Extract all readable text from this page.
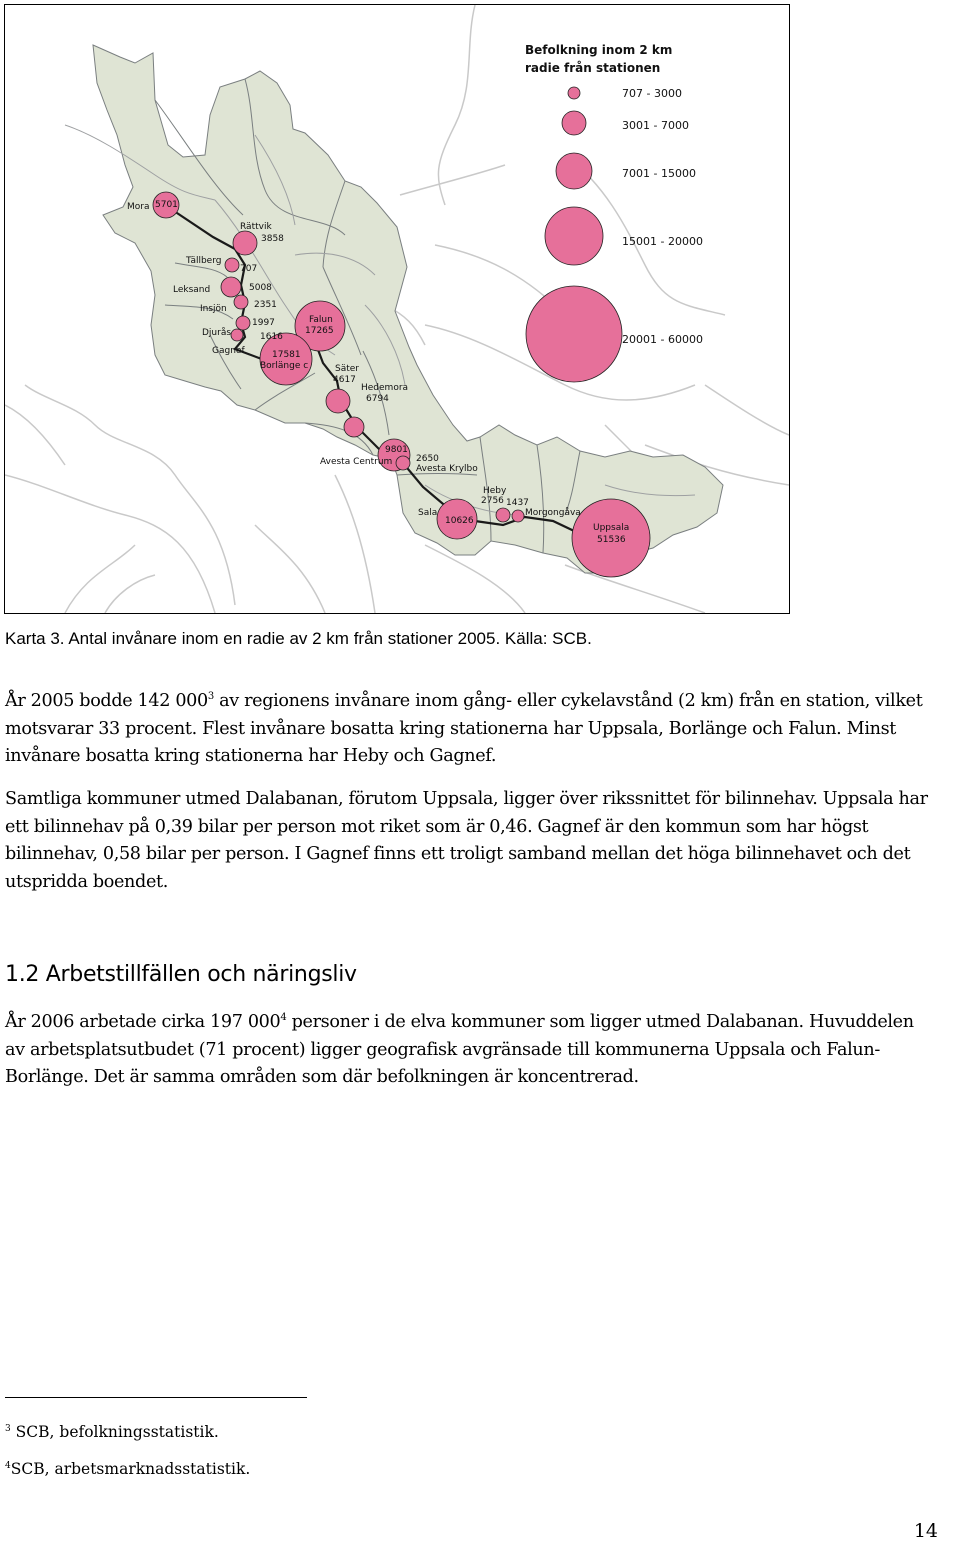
Mora 5701
Rättvik
3858
Tällberg
707
Leksand	5008
Insjön	2351
Djurås
1997
Gagnef
1616
Falun
17265
17581
Borlänge c	Säter
4617
Hedemora
6794
9801
Avesta Centrum	2650
Avesta Krylbo
Heby
2756 1437
Morgongåva
Sala
10626
Uppsala
51536
Befolkning inom 2 km
radie från stationen
707 - 3000
3001 - 7000
7001 - 15000
15001 - 20000
20001 - 60000

Karta 3. Antal invånare inom en radie av 2 km från stationer 2005. Källa: SCB.

År 2005 bodde 142 $000^3$ av regionens invånare inom gång- eller cykelavstånd (2 km) från en station, vilket motsvarar 33 procent. Flest invånare bosatta kring stationerna har Uppsala, Borlänge och Falun. Minst invånare bosatta kring stationerna har Heby och Gagnef.

Samtliga kommuner utmed Dalabanan, förutom Uppsala, ligger över rikssnittet för bilinnehav. Uppsala har ett bilinnehav på 0,39 bilar per person mot riket som är 0,46. Gagnef är den kommun som har högst bilinnehav, 0,58 bilar per person. I Gagnef finns ett troligt samband mellan det höga bilinnehavet och det utspridda boendet.

1.2 Arbetstillfällen och näringsliv

År 2006 arbetade cirka 197 $000^4$ personer i de elva kommuner som ligger utmed Dalabanan. Huvuddelen av arbetsplatsutbudet (71 procent) ligger geografisk avgränsade till kommunerna Uppsala och Falun-Borlänge. Det är samma områden som där befolkningen är koncentrerad.

$^3$ SCB, befolkningsstatistik.

$^4$SCB, arbetsmarknadsstatistik.

14
